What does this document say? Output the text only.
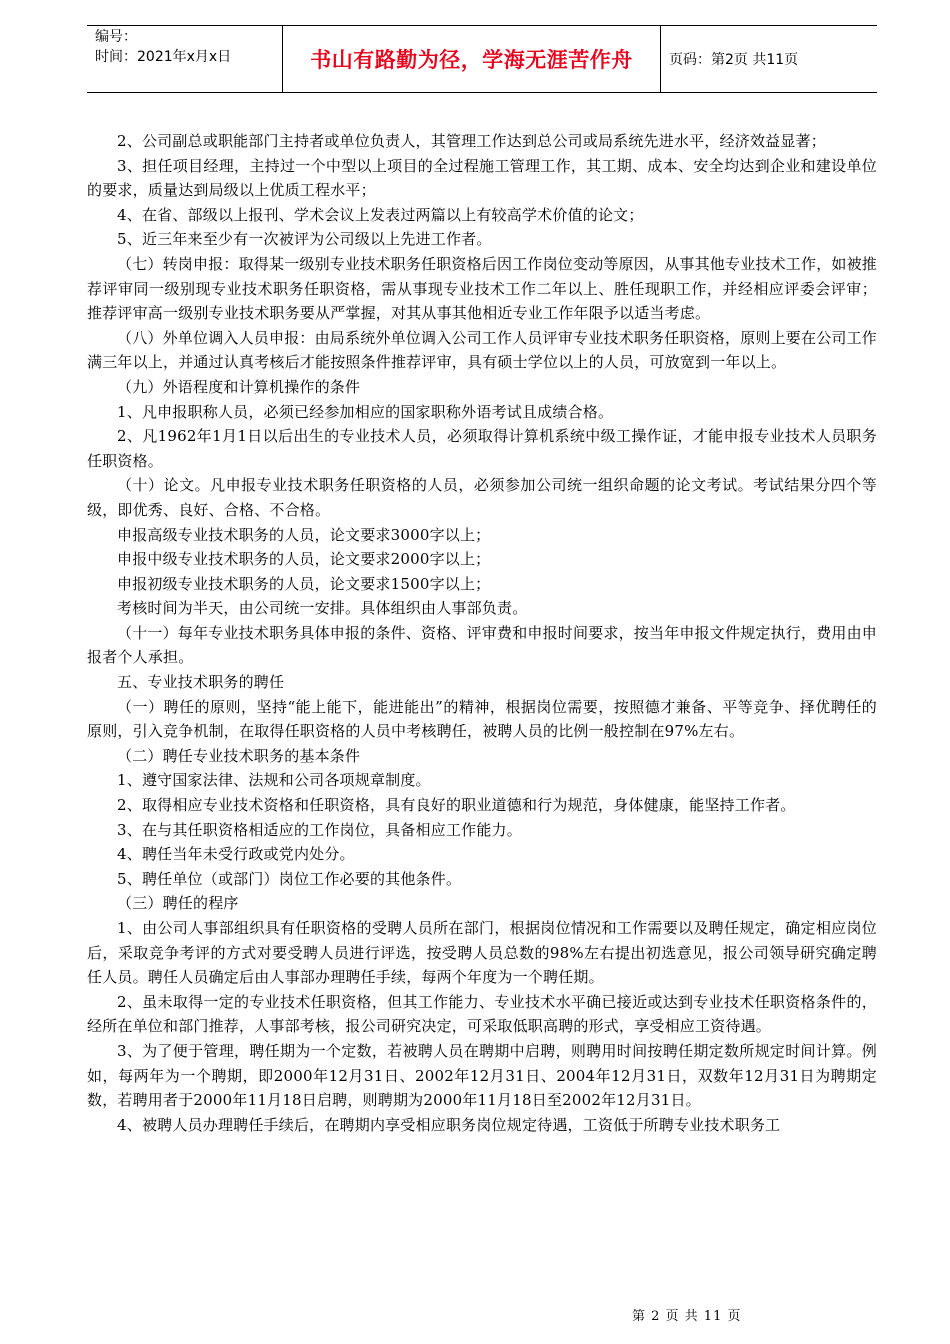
编号：
时间：2021年x月x日	书山有路勤为径，学海无涯苦作舟	页码：第2页 共11页

2、公司副总或职能部门主持者或单位负责人，其管理工作达到总公司或局系统先进水平，经济效益显著；

3、担任项目经理，主持过一个中型以上项目的全过程施工管理工作，其工期、成本、安全均达到企业和建设单位的要求，质量达到局级以上优质工程水平；

4、在省、部级以上报刊、学术会议上发表过两篇以上有较高学术价值的论文；

5、近三年来至少有一次被评为公司级以上先进工作者。

（七）转岗申报：取得某一级别专业技术职务任职资格后因工作岗位变动等原因，从事其他专业技术工作，如被推荐评审同一级别现专业技术职务任职资格，需从事现专业技术工作二年以上、胜任现职工作，并经相应评委会评审；推荐评审高一级别专业技术职务要从严掌握，对其从事其他相近专业工作年限予以适当考虑。

（八）外单位调入人员申报：由局系统外单位调入公司工作人员评审专业技术职务任职资格，原则上要在公司工作满三年以上，并通过认真考核后才能按照条件推荐评审，具有硕士学位以上的人员，可放宽到一年以上。

（九）外语程度和计算机操作的条件

1、凡申报职称人员，必须已经参加相应的国家职称外语考试且成绩合格。

2、凡1962年1月1日以后出生的专业技术人员，必须取得计算机系统中级工操作证，才能申报专业技术人员职务任职资格。

（十）论文。凡申报专业技术职务任职资格的人员，必须参加公司统一组织命题的论文考试。考试结果分四个等级，即优秀、良好、合格、不合格。

申报高级专业技术职务的人员，论文要求3000字以上；

申报中级专业技术职务的人员，论文要求2000字以上；

申报初级专业技术职务的人员，论文要求1500字以上；

考核时间为半天，由公司统一安排。具体组织由人事部负责。

（十一）每年专业技术职务具体申报的条件、资格、评审费和申报时间要求，按当年申报文件规定执行，费用由申报者个人承担。

五、专业技术职务的聘任

（一）聘任的原则，坚持“能上能下，能进能出”的精神，根据岗位需要，按照德才兼备、平等竞争、择优聘任的原则，引入竞争机制，在取得任职资格的人员中考核聘任，被聘人员的比例一般控制在97%左右。

（二）聘任专业技术职务的基本条件

1、遵守国家法律、法规和公司各项规章制度。

2、取得相应专业技术资格和任职资格，具有良好的职业道德和行为规范，身体健康，能坚持工作者。

3、在与其任职资格相适应的工作岗位，具备相应工作能力。

4、聘任当年未受行政或党内处分。

5、聘任单位（或部门）岗位工作必要的其他条件。

（三）聘任的程序

1、由公司人事部组织具有任职资格的受聘人员所在部门，根据岗位情况和工作需要以及聘任规定，确定相应岗位后，采取竞争考评的方式对要受聘人员进行评选，按受聘人员总数的98%左右提出初选意见，报公司领导研究确定聘任人员。聘任人员确定后由人事部办理聘任手续，每两个年度为一个聘任期。

2、虽未取得一定的专业技术任职资格，但其工作能力、专业技术水平确已接近或达到专业技术任职资格条件的，经所在单位和部门推荐，人事部考核，报公司研究决定，可采取低职高聘的形式，享受相应工资待遇。

3、为了便于管理，聘任期为一个定数，若被聘人员在聘期中启聘，则聘用时间按聘任期定数所规定时间计算。例如，每两年为一个聘期，即2000年12月31日、2002年12月31日、2004年12月31日，双数年12月31日为聘期定数，若聘用者于2000年11月18日启聘，则聘期为2000年11月18日至2002年12月31日。

4、被聘人员办理聘任手续后，在聘期内享受相应职务岗位规定待遇，工资低于所聘专业技术职务工

第 2 页 共 11 页
